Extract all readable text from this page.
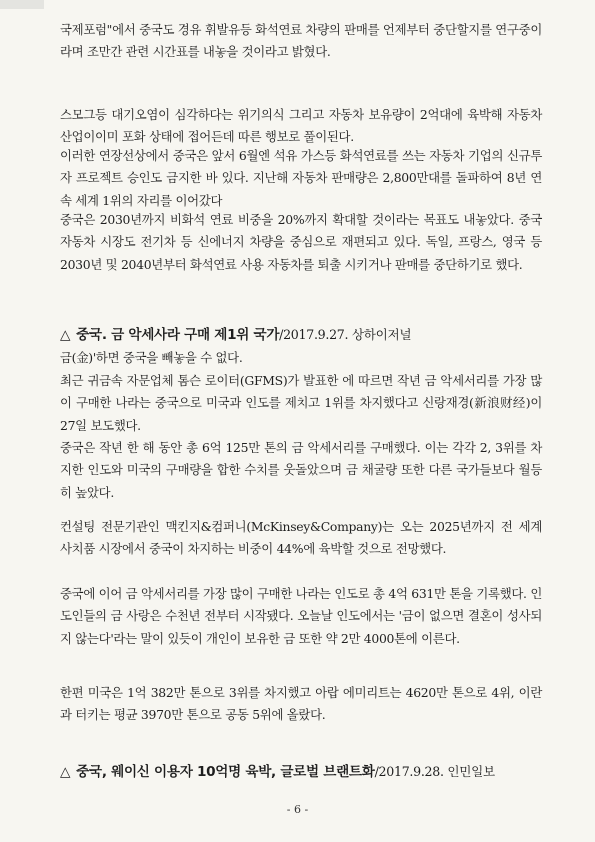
국제포럼"에서 중국도 경유 휘발유등 화석연료 차량의 판매를 언제부터 중단할지를 연구중이라며 조만간 관련 시간표를 내놓을 것이라고 밝혔다.

스모그등 대기오염이 심각하다는 위기의식 그리고 자동차 보유량이 2억대에 육박해 자동차 산업이이미 포화 상태에 접어든데 따른 행보로 풀이된다.

이러한 연장선상에서 중국은 앞서 6월엔 석유 가스등 화석연료를 쓰는 자동차 기업의 신규투자 프로젝트 승인도 금지한 바 있다. 지난해 자동차 판매량은 2,800만대를 돌파하여 8년 연속 세계 1위의 자리를 이어갔다

중국은 2030년까지 비화석 연료 비중을 20%까지 확대할 것이라는 목표도 내놓았다. 중국 자동차 시장도 전기차 등 신에너지 차량을 중심으로 재편되고 있다. 독일, 프랑스, 영국 등 2030년 및 2040년부터 화석연료 사용 자동차를 퇴출 시키거나 판매를 중단하기로 했다.

△ 중국. 금 악세사라 구매 제1위 국가/2017.9.27. 상하이저널

금(金)'하면 중국을 빼놓을 수 없다.

최근 귀금속 자문업체 톰슨 로이터(GFMS)가 발표한 에 따르면 작년 금 악세서리를 가장 많이 구매한 나라는 중국으로 미국과 인도를 제치고 1위를 차지했다고 신랑재경(新浪财经)이 27일 보도했다.

중국은 작년 한 해 동안 총 6억 125만 톤의 금 악세서리를 구매했다. 이는 각각 2, 3위를 차지한 인도와 미국의 구매량을 합한 수치를 웃돌았으며 금 채굴량 또한 다른 국가들보다 월등히 높았다.

컨설팅 전문기관인 맥킨지&컴퍼니(McKinsey&Company)는 오는 2025년까지 전 세계 사치품 시장에서 중국이 차지하는 비중이 44%에 육박할 것으로 전망했다.

중국에 이어 금 악세서리를 가장 많이 구매한 나라는 인도로 총 4억 631만 톤을 기록했다. 인도인들의 금 사랑은 수천년 전부터 시작됐다. 오늘날 인도에서는 '금이 없으면 결혼이 성사되지 않는다'라는 말이 있듯이 개인이 보유한 금 또한 약 2만 4000톤에 이른다.

한편 미국은 1억 382만 톤으로 3위를 차지했고 아랍 에미리트는 4620만 톤으로 4위, 이란과 터키는 평균 3970만 톤으로 공동 5위에 올랐다.

△ 중국, 웨이신 이용자 10억명 육박, 글로벌 브랜트화/2017.9.28. 인민일보
- 6 -
